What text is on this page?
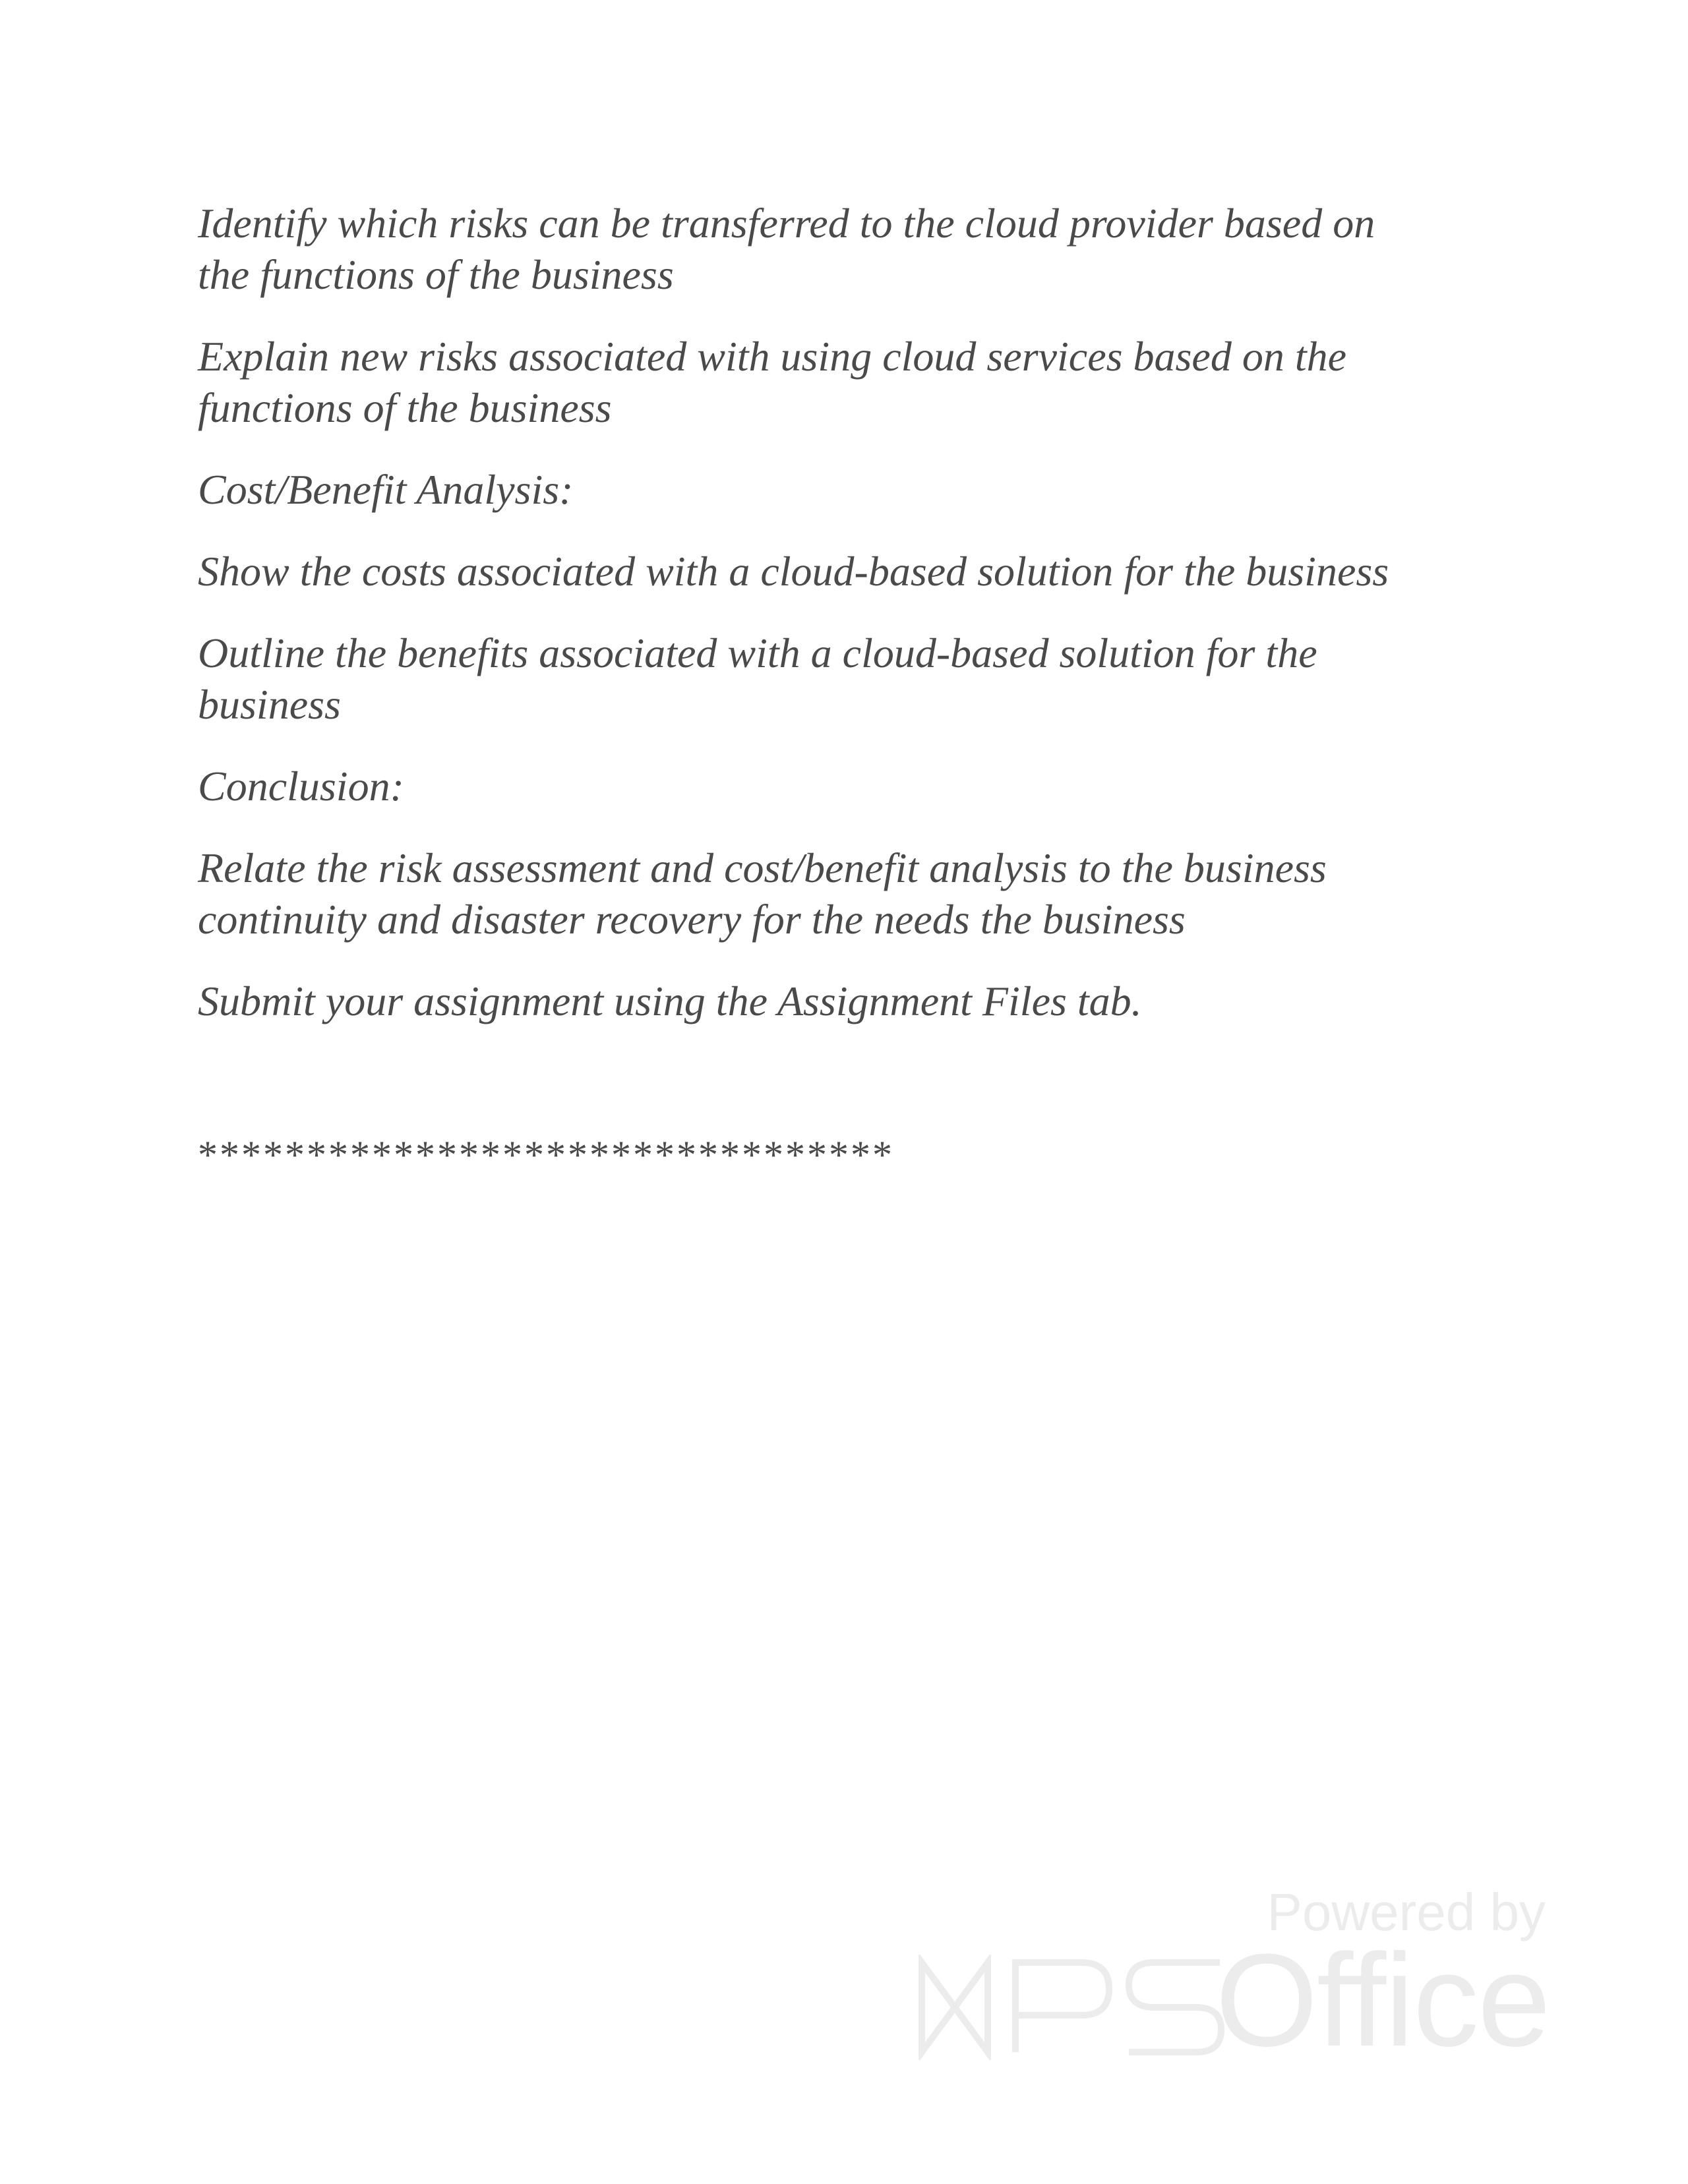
Identify which risks can be transferred to the cloud provider based on
the functions of the business

Explain new risks associated with using cloud services based on the
functions of the business

Cost/Benefit Analysis:

Show the costs associated with a cloud-based solution for the business

Outline the benefits associated with a cloud-based solution for the
business

Conclusion:

Relate the risk assessment and cost/benefit analysis to the business
continuity and disaster recovery for the needs the business

Submit your assignment using the Assignment Files tab.

********************************
Powered by
Office
